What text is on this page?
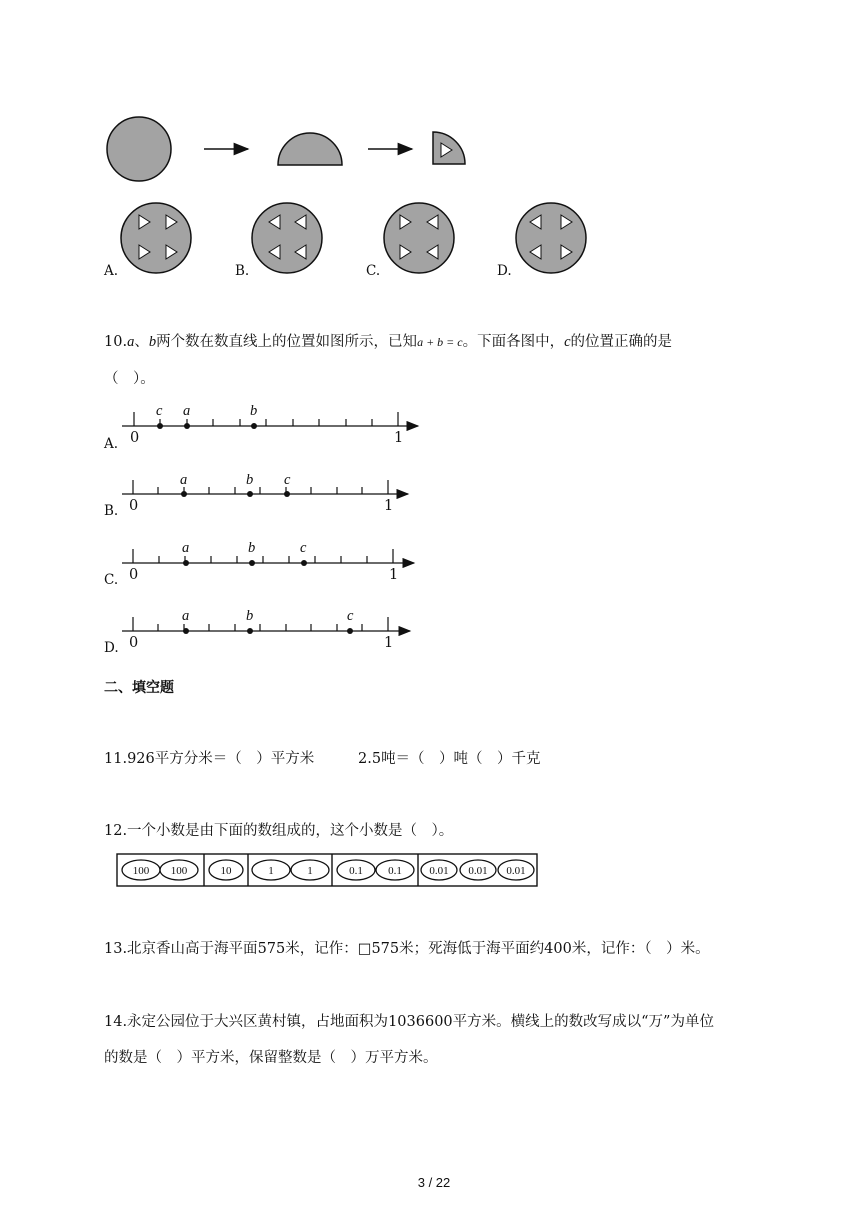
A.	B.	C.	D.
10.a、b两个数在数直线上的位置如图所示，已知a + b = c。下面各图中，c的位置正确的是
（　）。
A.
c a	b
0	1
B.
a	b c
0	1
C.
a	b	c
0	1
D.
a	b	c
0	1
二、填空题
11.926平方分米＝（　）平方米	2.5吨＝（　）吨（　）千克
12.一个小数是由下面的数组成的，这个小数是（　）。
100 100	10	1	1	0.1 0.1	0.01 0.01 0.01
13.北京香山高于海平面575米，记作：□575米；死海低于海平面约400米，记作：（　）米。
14.永定公园位于大兴区黄村镇，占地面积为1036600平方米。横线上的数改写成以“万”为单位
的数是（　）平方米，保留整数是（　）万平方米。
3 / 22
